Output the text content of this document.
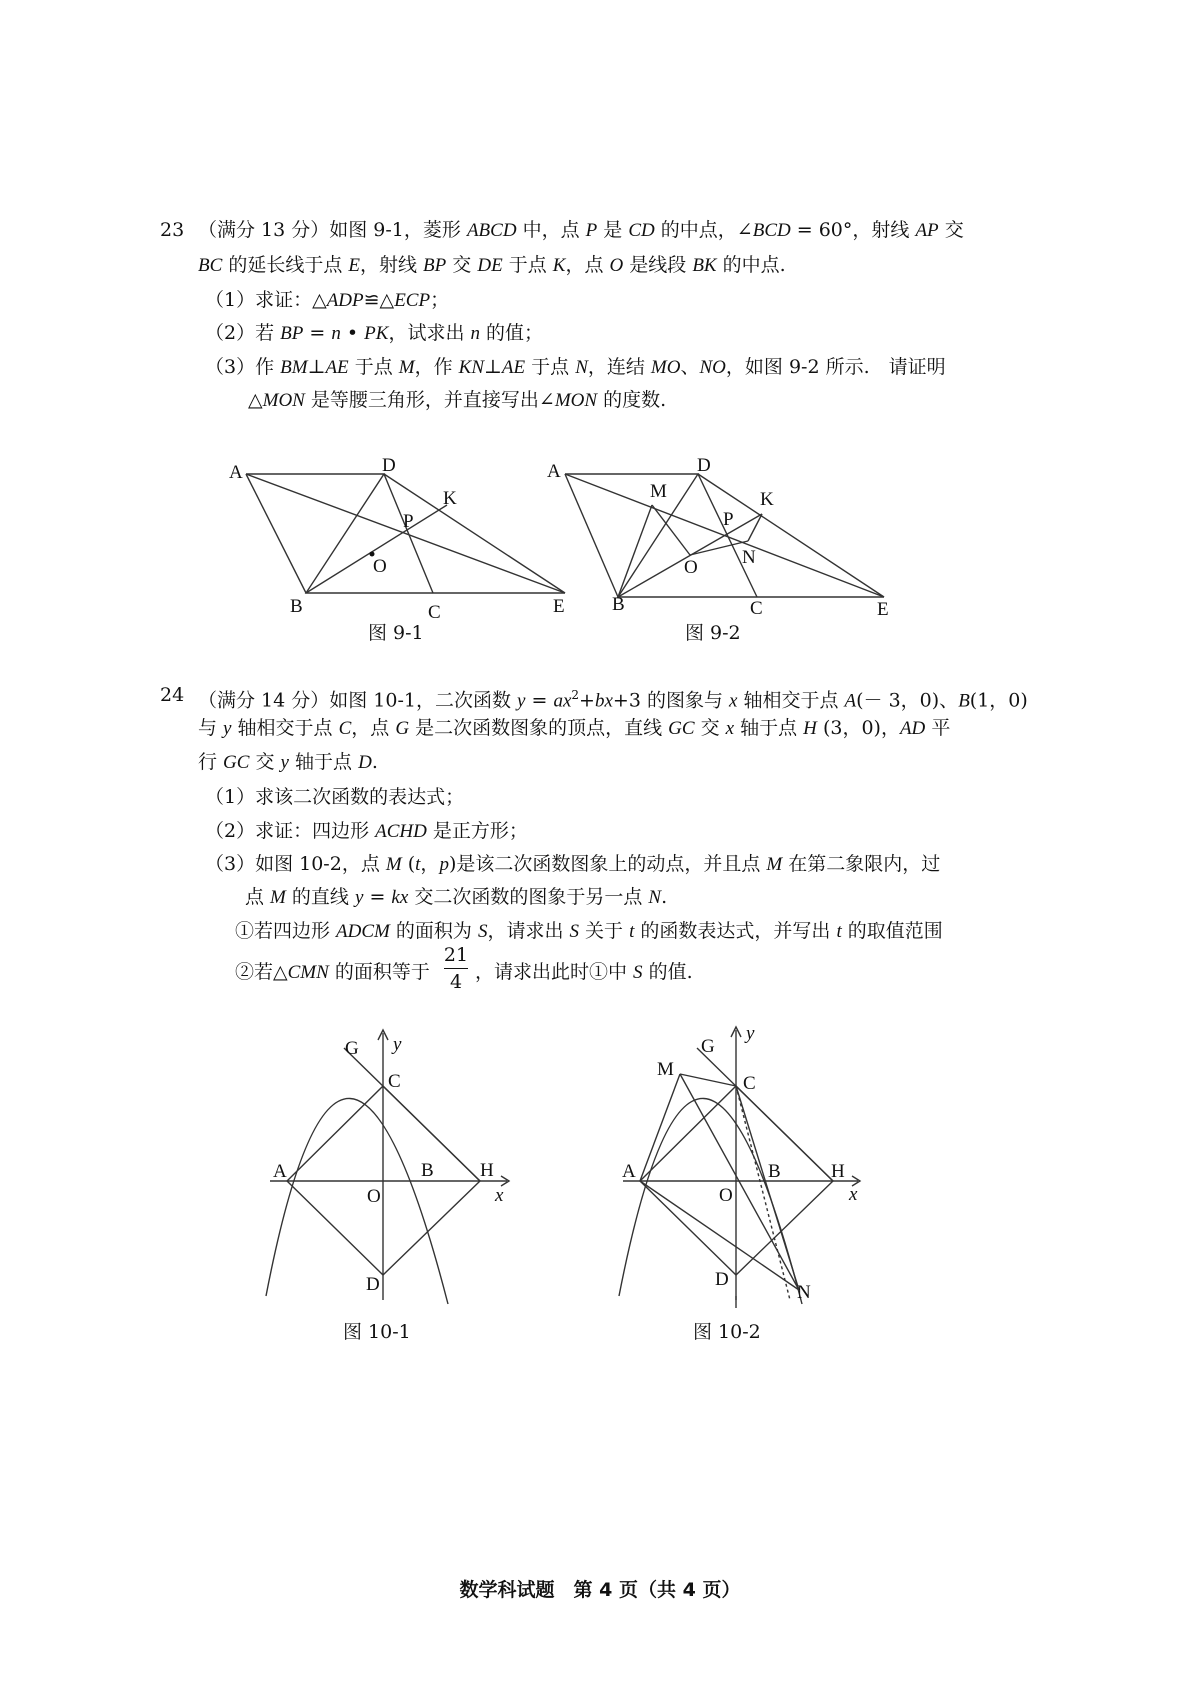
23 （满分 13 分）如图 9-1，菱形 ABCD 中，点 P 是 CD 的中点，∠BCD = 60°，射线 AP 交
BC 的延长线于点 E，射线 BP 交 DE 于点 K，点 O 是线段 BK 的中点.
（1）求证：△ADP≌△ECP；
（2）若 BP = n • PK，试求出 n 的值；
（3）作 BM⊥AE 于点 M，作 KN⊥AE 于点 N，连结 MO、NO，如图 9-2 所示.　请证明
△MON 是等腰三角形，并直接写出∠MON 的度数.
A	D
K
P
O
B	C	E
图 9-1
A	D
M	K
P
O N
B	C	E
图 9-2
24 （满分 14 分）如图 10-1，二次函数 $y = ax^2+bx+3$ 的图象与 x 轴相交于点 A(－ 3，0)、B(1，0)
与 y 轴相交于点 C，点 G 是二次函数图象的顶点，直线 GC 交 x 轴于点 H (3，0)，AD 平
行 GC 交 y 轴于点 D.
（1）求该二次函数的表达式；
（2）求证：四边形 ACHD 是正方形；
（3）如图 10-2，点 M (t，p)是该二次函数图象上的动点，并且点 M 在第二象限内，过
点 M 的直线 y = kx 交二次函数的图象于另一点 N.
①若四边形 ADCM 的面积为 S，请求出 S 关于 t 的函数表达式，并写出 t 的取值范围
②若△CMN 的面积等于
21
4 ，请求出此时①中 S 的值.
G y
C
A	B H
O	x
D
图 10-1
G
y
M
C
A	B	H
O	x
D
N
图 10-2
数学科试题　第 4 页（共 4 页）
